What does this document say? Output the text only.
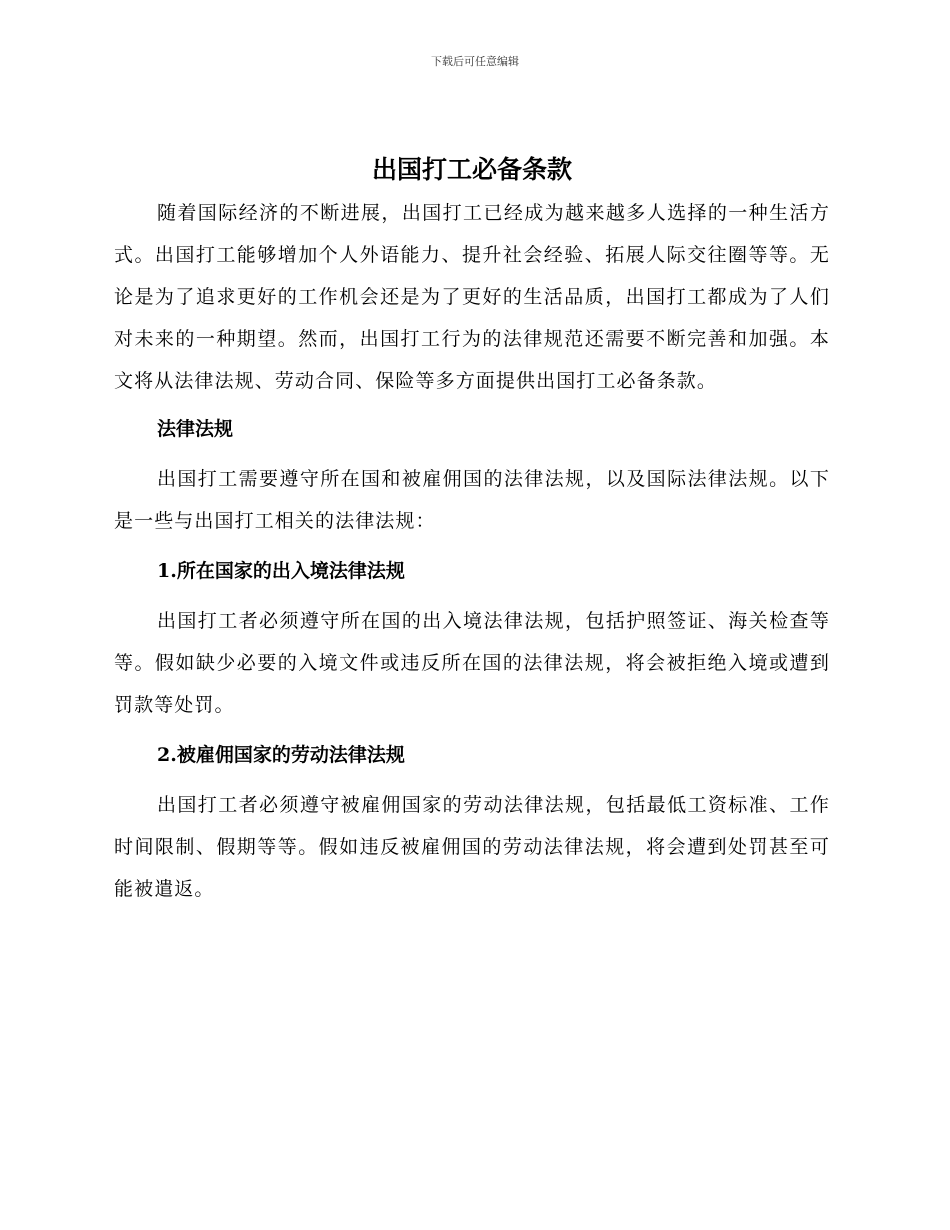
下载后可任意编辑
出国打工必备条款

随着国际经济的不断进展，出国打工已经成为越来越多人选择的一种生活方式。出国打工能够增加个人外语能力、提升社会经验、拓展人际交往圈等等。无论是为了追求更好的工作机会还是为了更好的生活品质，出国打工都成为了人们对未来的一种期望。然而，出国打工行为的法律规范还需要不断完善和加强。本文将从法律法规、劳动合同、保险等多方面提供出国打工必备条款。

法律法规

出国打工需要遵守所在国和被雇佣国的法律法规，以及国际法律法规。以下是一些与出国打工相关的法律法规：

1.所在国家的出入境法律法规

出国打工者必须遵守所在国的出入境法律法规，包括护照签证、海关检查等等。假如缺少必要的入境文件或违反所在国的法律法规，将会被拒绝入境或遭到罚款等处罚。

2.被雇佣国家的劳动法律法规

出国打工者必须遵守被雇佣国家的劳动法律法规，包括最低工资标准、工作时间限制、假期等等。假如违反被雇佣国的劳动法律法规，将会遭到处罚甚至可能被遣返。
